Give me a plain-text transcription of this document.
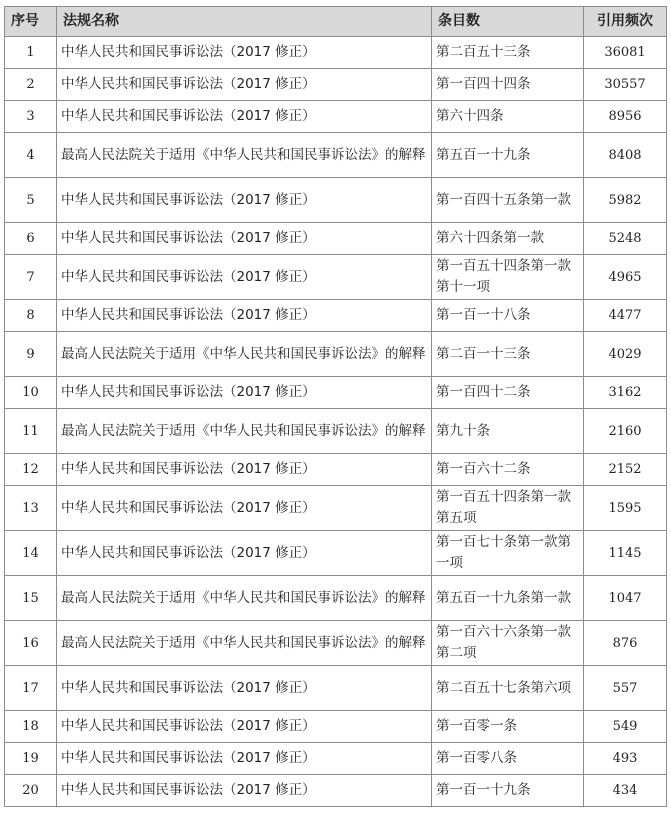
序号	法规名称	条目数	引用频次
1	中华人民共和国民事诉讼法（2017 修正）	第二百五十三条	36081
2	中华人民共和国民事诉讼法（2017 修正）	第一百四十四条	30557
3	中华人民共和国民事诉讼法（2017 修正）	第六十四条	8956
4	最高人民法院关于适用《中华人民共和国民事诉讼法》的解释	第五百一十九条	8408
5	中华人民共和国民事诉讼法（2017 修正）	第一百四十五条第一款	5982
6	中华人民共和国民事诉讼法（2017 修正）	第六十四条第一款	5248
7	中华人民共和国民事诉讼法（2017 修正）	第一百五十四条第一款第十一项	4965
8	中华人民共和国民事诉讼法（2017 修正）	第一百一十八条	4477
9	最高人民法院关于适用《中华人民共和国民事诉讼法》的解释	第二百一十三条	4029
10	中华人民共和国民事诉讼法（2017 修正）	第一百四十二条	3162
11	最高人民法院关于适用《中华人民共和国民事诉讼法》的解释	第九十条	2160
12	中华人民共和国民事诉讼法（2017 修正）	第一百六十二条	2152
13	中华人民共和国民事诉讼法（2017 修正）	第一百五十四条第一款第五项	1595
14	中华人民共和国民事诉讼法（2017 修正）	第一百七十条第一款第一项	1145
15	最高人民法院关于适用《中华人民共和国民事诉讼法》的解释	第五百一十九条第一款	1047
16	最高人民法院关于适用《中华人民共和国民事诉讼法》的解释	第一百六十六条第一款第二项	876
17	中华人民共和国民事诉讼法（2017 修正）	第二百五十七条第六项	557
18	中华人民共和国民事诉讼法（2017 修正）	第一百零一条	549
19	中华人民共和国民事诉讼法（2017 修正）	第一百零八条	493
20	中华人民共和国民事诉讼法（2017 修正）	第一百一十九条	434
